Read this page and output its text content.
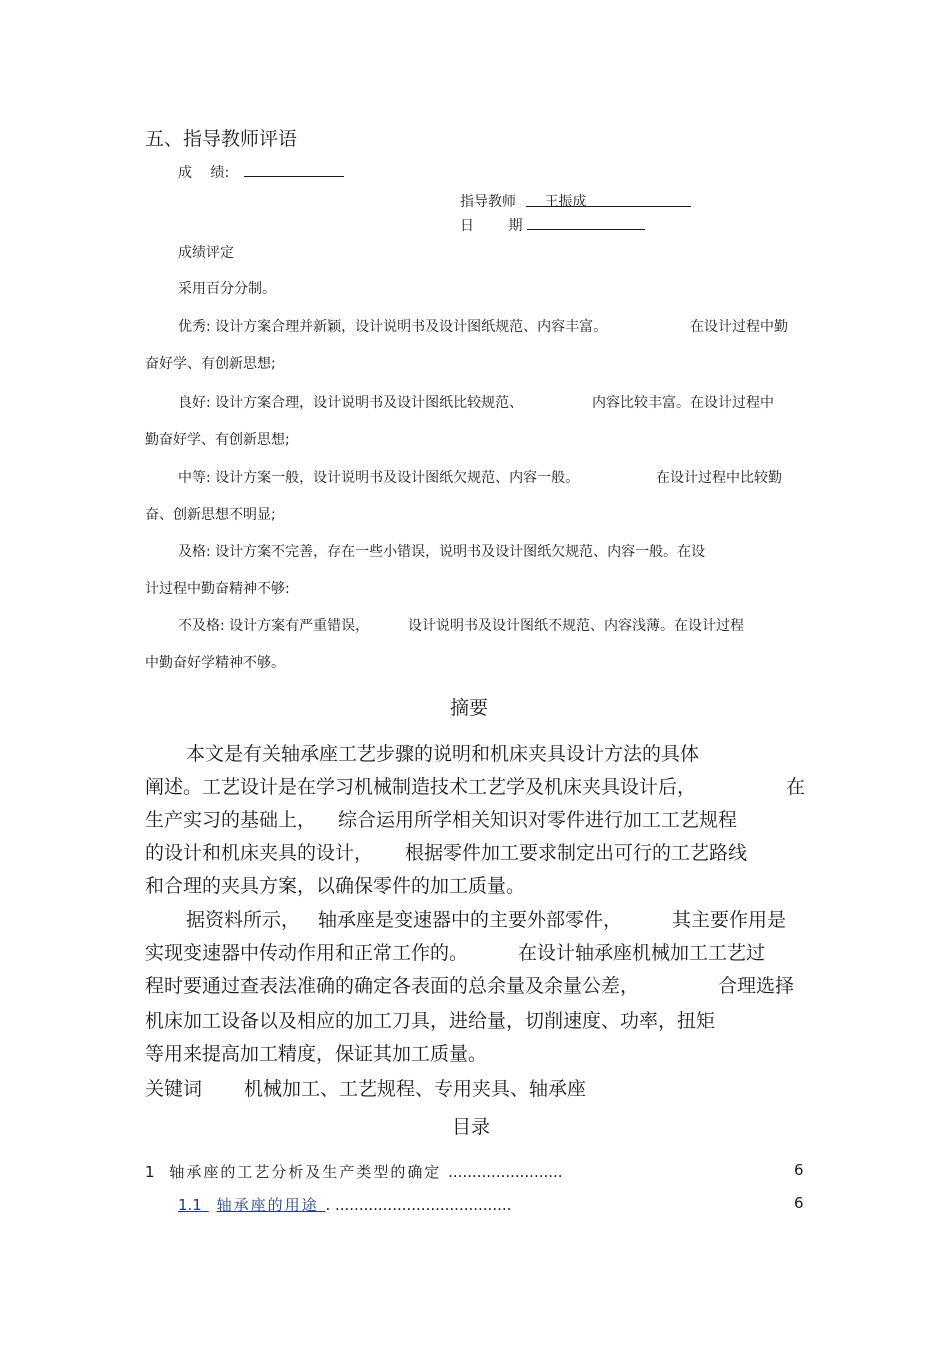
五、指导教师评语
成 绩:
指导教师 王振成
日 期
成绩评定
采用百分分制。
优秀: 设计方案合理并新颖，设计说明书及设计图纸规范、内容丰富。	在设计过程中勤
奋好学、有创新思想;
良好: 设计方案合理，设计说明书及设计图纸比较规范、	内容比较丰富。在设计过程中
勤奋好学、有创新思想;
中等: 设计方案一般，设计说明书及设计图纸欠规范、内容一般。	在设计过程中比较勤
奋、创新思想不明显;
及格: 设计方案不完善，存在一些小错误，说明书及设计图纸欠规范、内容一般。在设
计过程中勤奋精神不够:
不及格: 设计方案有严重错误，	设计说明书及设计图纸不规范、内容浅薄。在设计过程
中勤奋好学精神不够。
摘要
本文是有关轴承座工艺步骤的说明和机床夹具设计方法的具体
阐述。工艺设计是在学习机械制造技术工艺学及机床夹具设计后，	在
生产实习的基础上， 综合运用所学相关知识对零件进行加工工艺规程
的设计和机床夹具的设计， 根据零件加工要求制定出可行的工艺路线
和合理的夹具方案，以确保零件的加工质量。
据资料所示， 轴承座是变速器中的主要外部零件，	其主要作用是
实现变速器中传动作用和正常工作的。	在设计轴承座机械加工工艺过
程时要通过查表法准确的确定各表面的总余量及余量公差，	合理选择
机床加工设备以及相应的加工刀具，进给量，切削速度、功率，扭矩
等用来提高加工精度，保证其加工质量。
关键词 机械加工、工艺规程、专用夹具、轴承座
目录
1 轴承座的工艺分析及生产类型的确定 ........................	6
1.1 轴承座的用途 . .....................................	6
